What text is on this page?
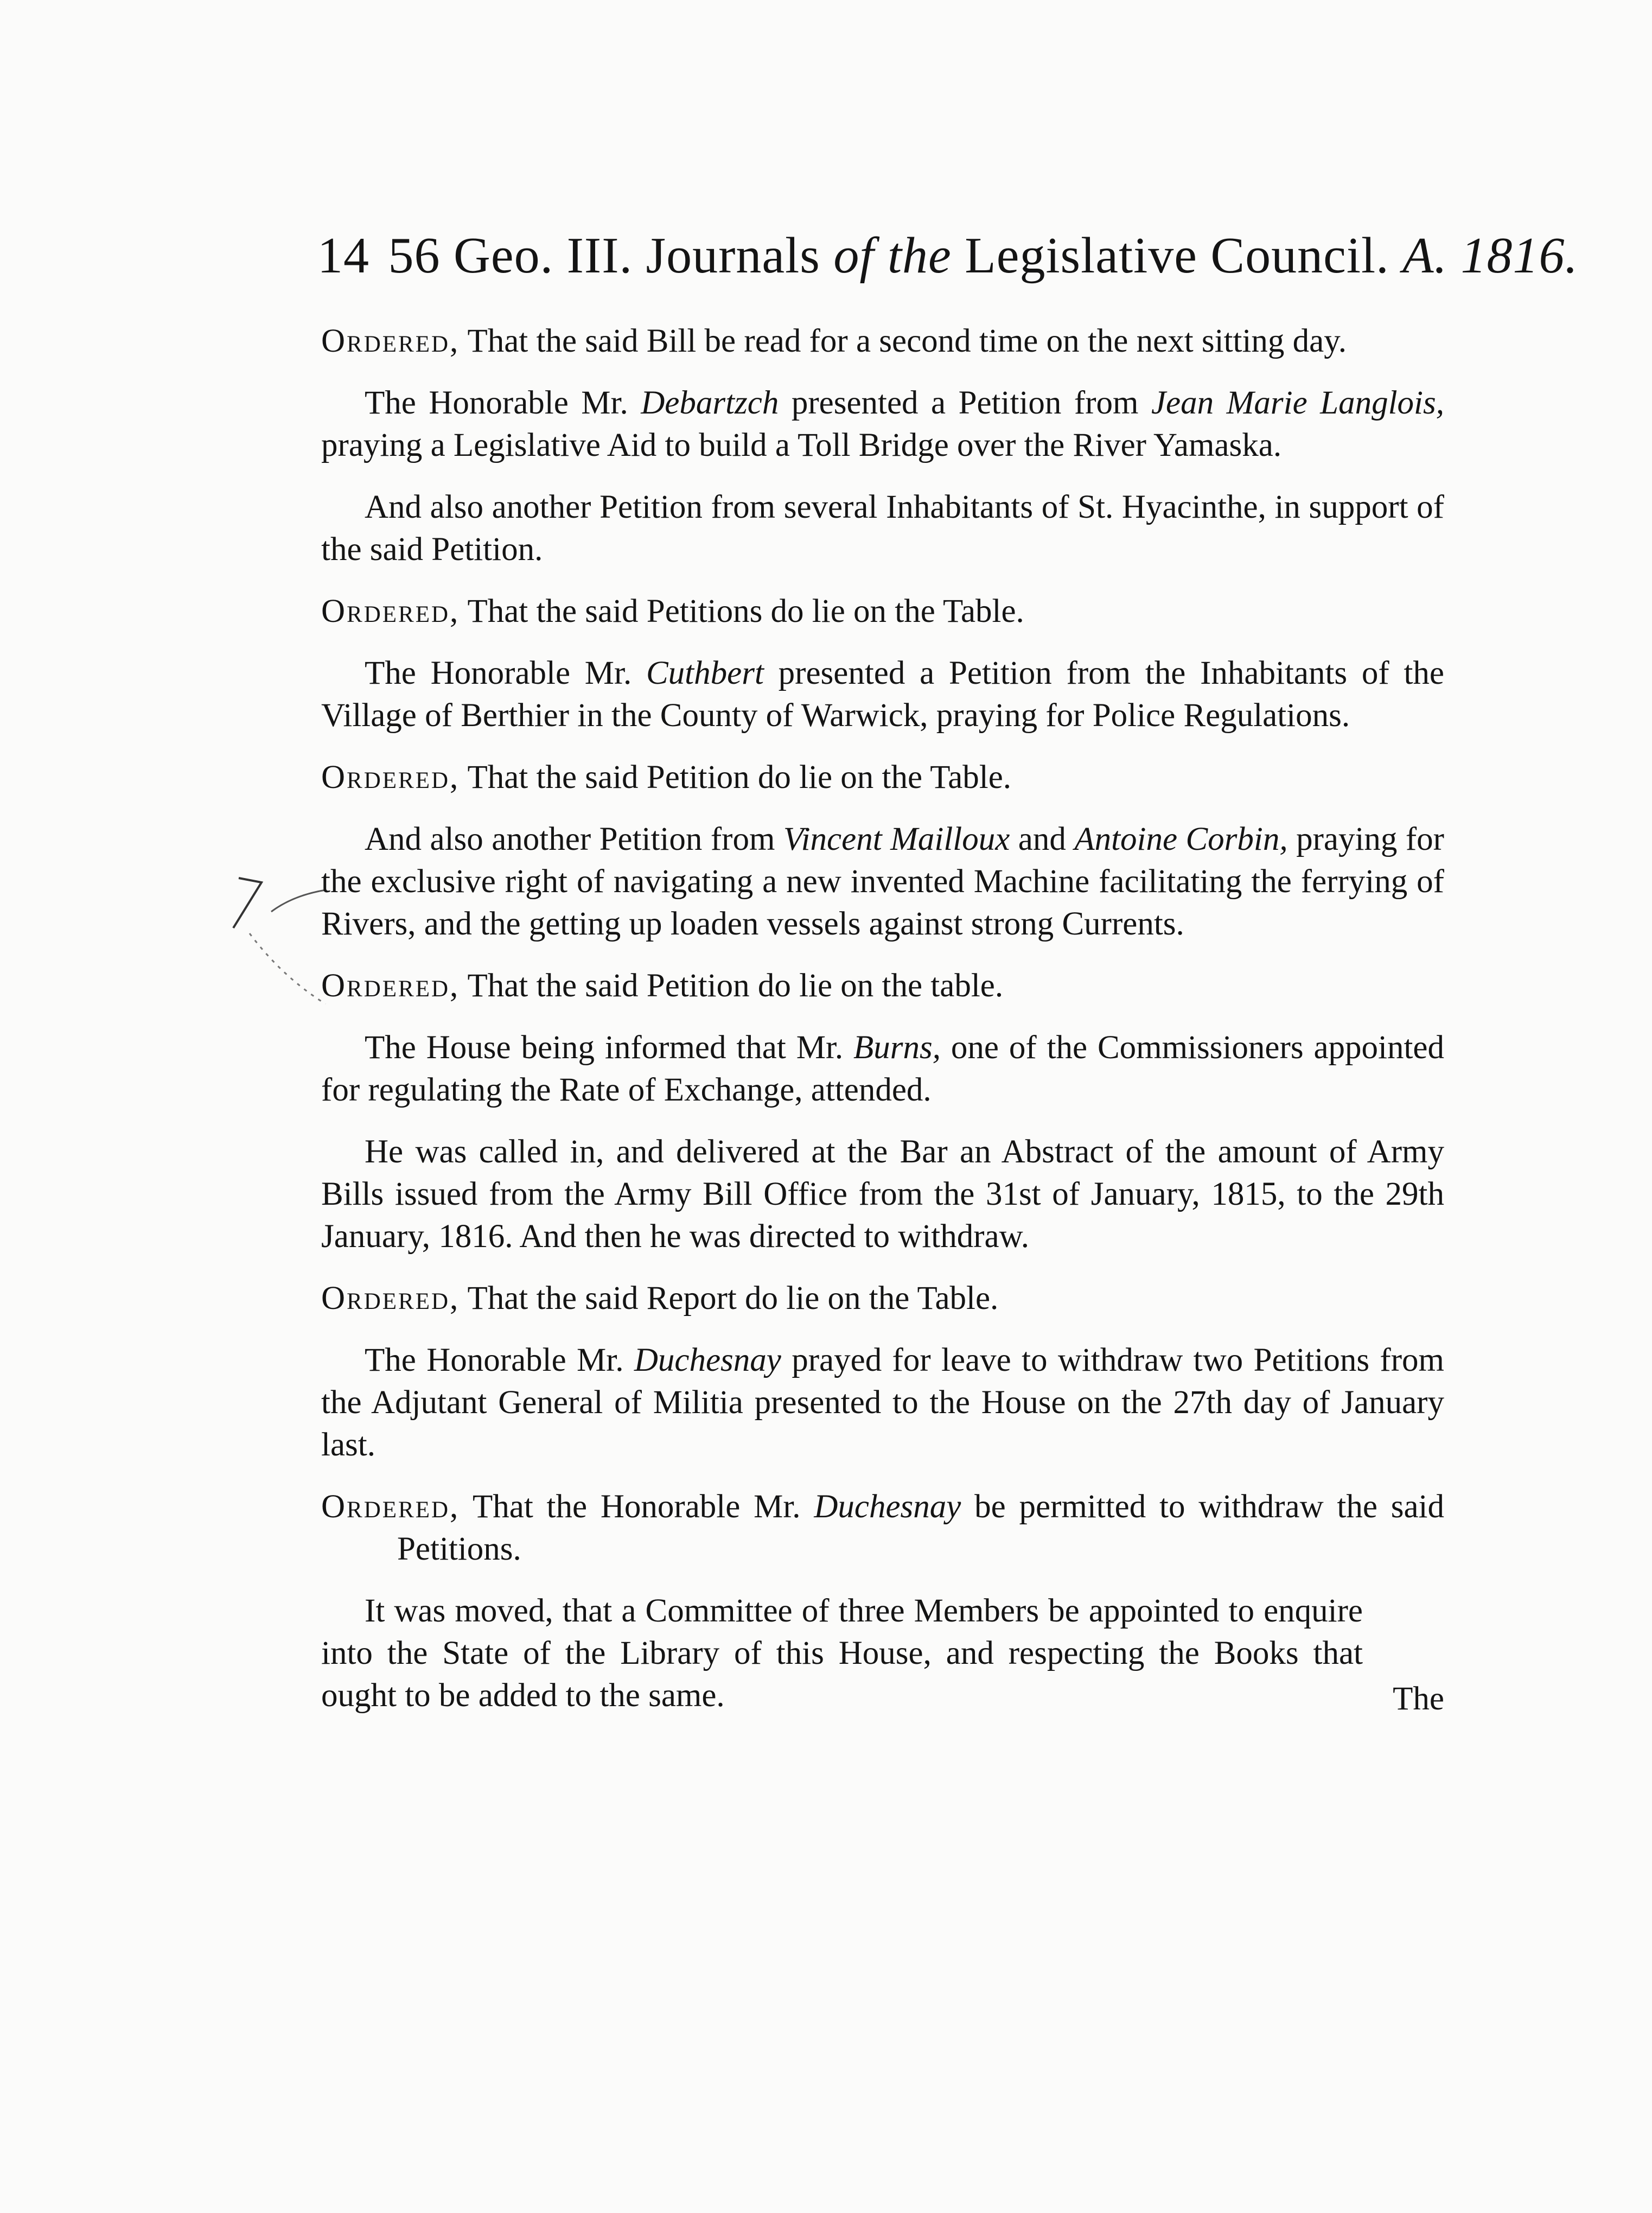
14 56 Geo. III. Journals of the Legislative Council. A. 1816.

Ordered, That the said Bill be read for a second time on the next sitting day.

The Honorable Mr. Debartzch presented a Petition from Jean Marie Langlois, praying a Legislative Aid to build a Toll Bridge over the River Yamaska.

And also another Petition from several Inhabitants of St. Hyacinthe, in support of the said Petition.

Ordered, That the said Petitions do lie on the Table.

The Honorable Mr. Cuthbert presented a Petition from the Inhabitants of the Village of Berthier in the County of Warwick, praying for Police Regulations.

Ordered, That the said Petition do lie on the Table.

And also another Petition from Vincent Mailloux and Antoine Corbin, praying for the exclusive right of navigating a new invented Machine facilitating the ferrying of Rivers, and the getting up loaden vessels against strong Currents.

Ordered, That the said Petition do lie on the table.

The House being informed that Mr. Burns, one of the Commissioners appointed for regulating the Rate of Exchange, attended.

He was called in, and delivered at the Bar an Abstract of the amount of Army Bills issued from the Army Bill Office from the 31st of January, 1815, to the 29th January, 1816. And then he was directed to withdraw.

Ordered, That the said Report do lie on the Table.

The Honorable Mr. Duchesnay prayed for leave to withdraw two Petitions from the Adjutant General of Militia presented to the House on the 27th day of January last.

Ordered, That the Honorable Mr. Duchesnay be permitted to withdraw the said Petitions.

It was moved, that a Committee of three Members be appointed to enquire into the State of the Library of this House, and respecting the Books that ought to be added to the same.	The
